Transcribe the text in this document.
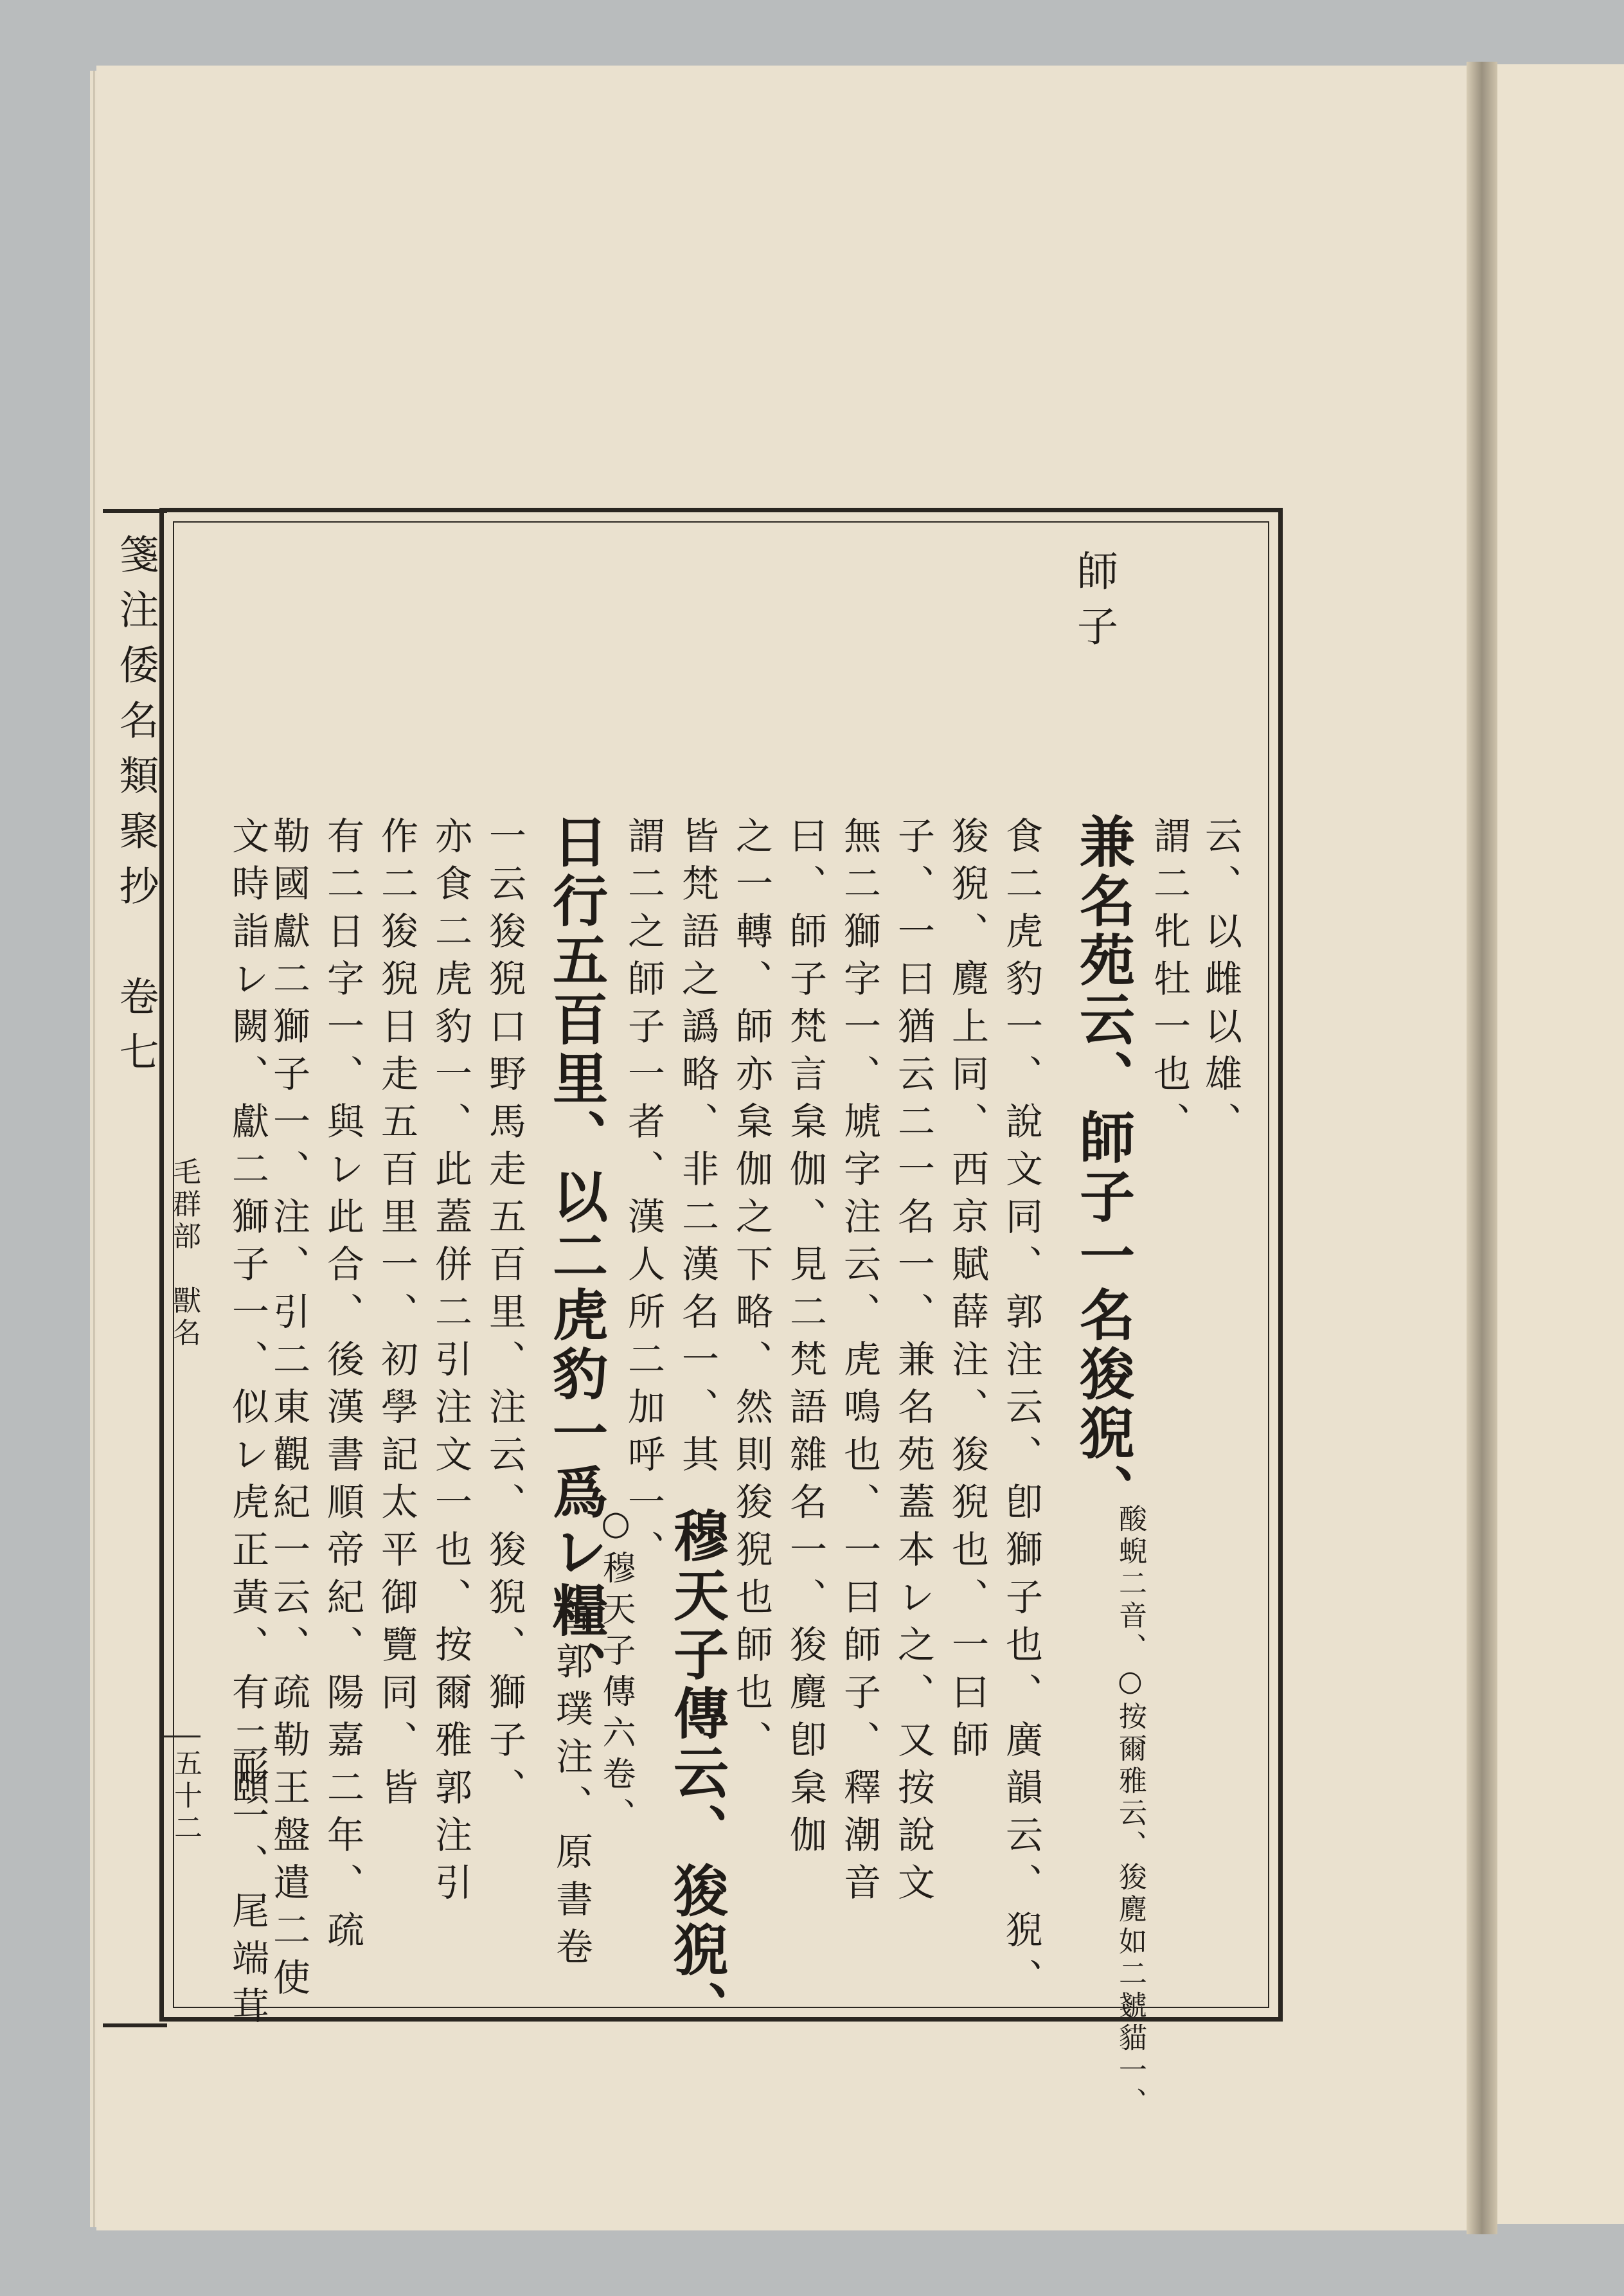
箋注倭名類聚抄　卷七
毛群部　獸名
五十二
師子
云、以雌以雄、
謂二牝牡一也、
兼名苑云、師子一名狻猊、
酸蜺二音、○按爾雅云、狻麑如二虦貓一、
食二虎豹一、說文同、郭注云、卽獅子也、廣韻云、猊、
狻猊、麑上同、西京賦薛注、狻猊也、一曰師
子、一曰猶云二一名一、兼名苑蓋本レ之、又按說文
無二獅字一、虓字注云、虎鳴也、一曰師子、釋潮音
曰、師子梵言枲伽、見二梵語雜名一、狻麑卽枲伽
之一轉、師亦枲伽之下略、然則狻猊也師也、
皆梵語之譌略、非二漢名一、其
謂二之師子一者、漢人所二加呼一、
穆天子傳云、狻猊、
日行五百里、以二虎豹一爲レ糧、
○穆天子傳六卷、
晉郭璞注、原書卷
一云狻猊口野馬走五百里、注云、狻猊、獅子、
亦食二虎豹一、此蓋併二引注文一也、按爾雅郭注引
作二狻猊日走五百里一、初學記太平御覽同、皆
有二日字一、與レ此合、後漢書順帝紀、陽嘉二年、疏
勒國獻二獅子一、注、引二東觀紀一云、疏勒王盤遣二使
文時詣レ闕、獻二獅子一、似レ虎正黃、有二頤
耏一、尾端茸
